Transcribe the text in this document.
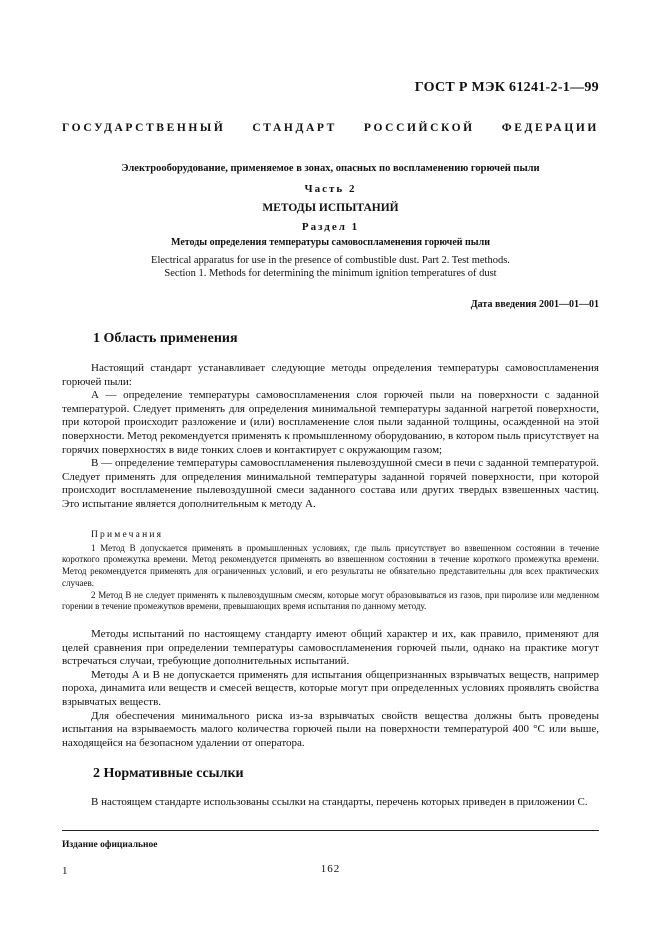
ГОСТ Р МЭК 61241-2-1—99
ГОСУДАРСТВЕННЫЙ СТАНДАРТ РОССИЙСКОЙ ФЕДЕРАЦИИ
Электрооборудование, применяемое в зонах, опасных по воспламенению горючей пыли
Часть 2
МЕТОДЫ ИСПЫТАНИЙ
Раздел 1
Методы определения температуры самовоспламенения горючей пыли
Electrical apparatus for use in the presence of combustible dust. Part 2. Test methods.
Section 1. Methods for determining the minimum ignition temperatures of dust
Дата введения 2001—01—01
1 Область применения
Настоящий стандарт устанавливает следующие методы определения температуры самовоспламенения горючей пыли:
А — определение температуры самовоспламенения слоя горючей пыли на поверхности с заданной температурой. Следует применять для определения минимальной температуры заданной нагретой поверхности, при которой происходит разложение и (или) воспламенение слоя пыли заданной толщины, осажденной на этой поверхности. Метод рекомендуется применять к промышленному оборудованию, в котором пыль присутствует на горячих поверхностях в виде тонких слоев и контактирует с окружающим газом;
В — определение температуры самовоспламенения пылевоздушной смеси в печи с заданной температурой. Следует применять для определения минимальной температуры заданной горячей поверхности, при которой происходит воспламенение пылевоздушной смеси заданного состава или других твердых взвешенных частиц. Это испытание является дополнительным к методу А.
Примечания
1 Метод В допускается применять в промышленных условиях, где пыль присутствует во взвешенном состоянии в течение короткого промежутка времени. Метод рекомендуется применять во взвешенном состоянии в течение короткого промежутка времени. Метод рекомендуется применять для ограниченных условий, и его результаты не обязательно представительны для всех практических случаев.
2 Метод В не следует применять к пылевоздушным смесям, которые могут образовываться из газов, при пиролизе или медленном горении в течение промежутков времени, превышающих время испытания по данному методу.
Методы испытаний по настоящему стандарту имеют общий характер и их, как правило, применяют для целей сравнения при определении температуры самовоспламенения горючей пыли, однако на практике могут встречаться случаи, требующие дополнительных испытаний.
Методы А и В не допускается применять для испытания общепризнанных взрывчатых веществ, например пороха, динамита или веществ и смесей веществ, которые могут при определенных условиях проявлять свойства взрывчатых веществ.
Для обеспечения минимального риска из-за взрывчатых свойств вещества должны быть проведены испытания на взрываемость малого количества горючей пыли на поверхности температурой 400 °С или выше, находящейся на безопасном удалении от оператора.
2 Нормативные ссылки
В настоящем стандарте использованы ссылки на стандарты, перечень которых приведен в приложении С.
Издание официальное
1	162
